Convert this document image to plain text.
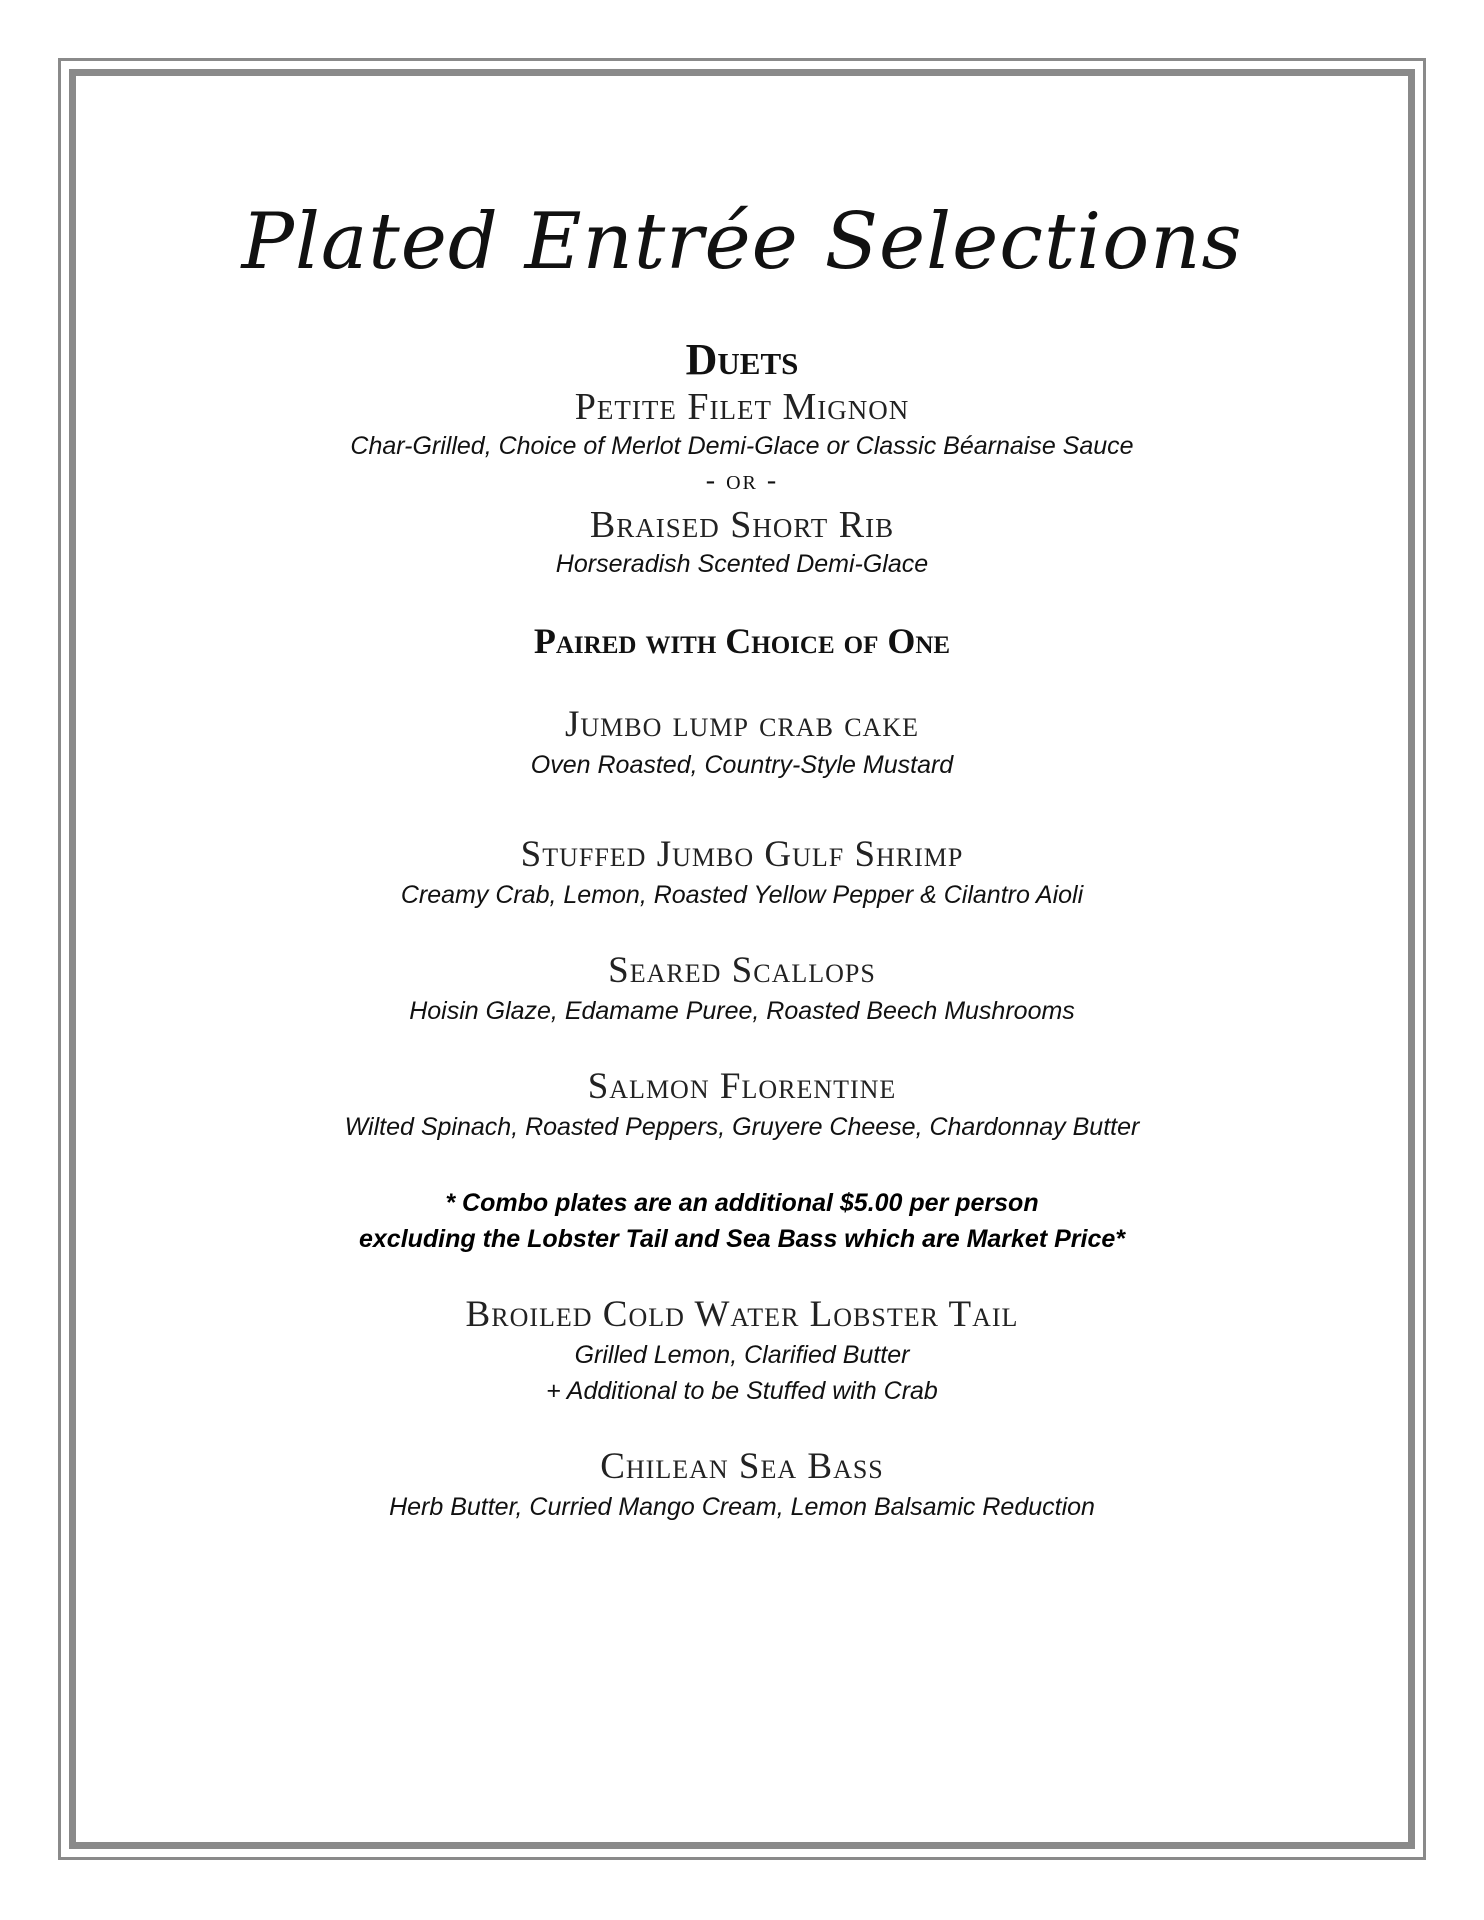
Plated Entrée Selections
Duets
Petite Filet Mignon
Char-Grilled, Choice of Merlot Demi-Glace or Classic Béarnaise Sauce
- or -
Braised Short Rib
Horseradish Scented Demi-Glace
Paired with Choice of One
Jumbo lump crab cake
Oven Roasted, Country-Style Mustard
Stuffed Jumbo Gulf Shrimp
Creamy Crab, Lemon, Roasted Yellow Pepper & Cilantro Aioli
Seared Scallops
Hoisin Glaze, Edamame Puree, Roasted Beech Mushrooms
Salmon Florentine
Wilted Spinach, Roasted Peppers, Gruyere Cheese, Chardonnay Butter
* Combo plates are an additional $5.00 per person
excluding the Lobster Tail and Sea Bass which are Market Price*
Broiled Cold Water Lobster Tail
Grilled Lemon, Clarified Butter
+ Additional to be Stuffed with Crab
Chilean Sea Bass
Herb Butter, Curried Mango Cream, Lemon Balsamic Reduction
